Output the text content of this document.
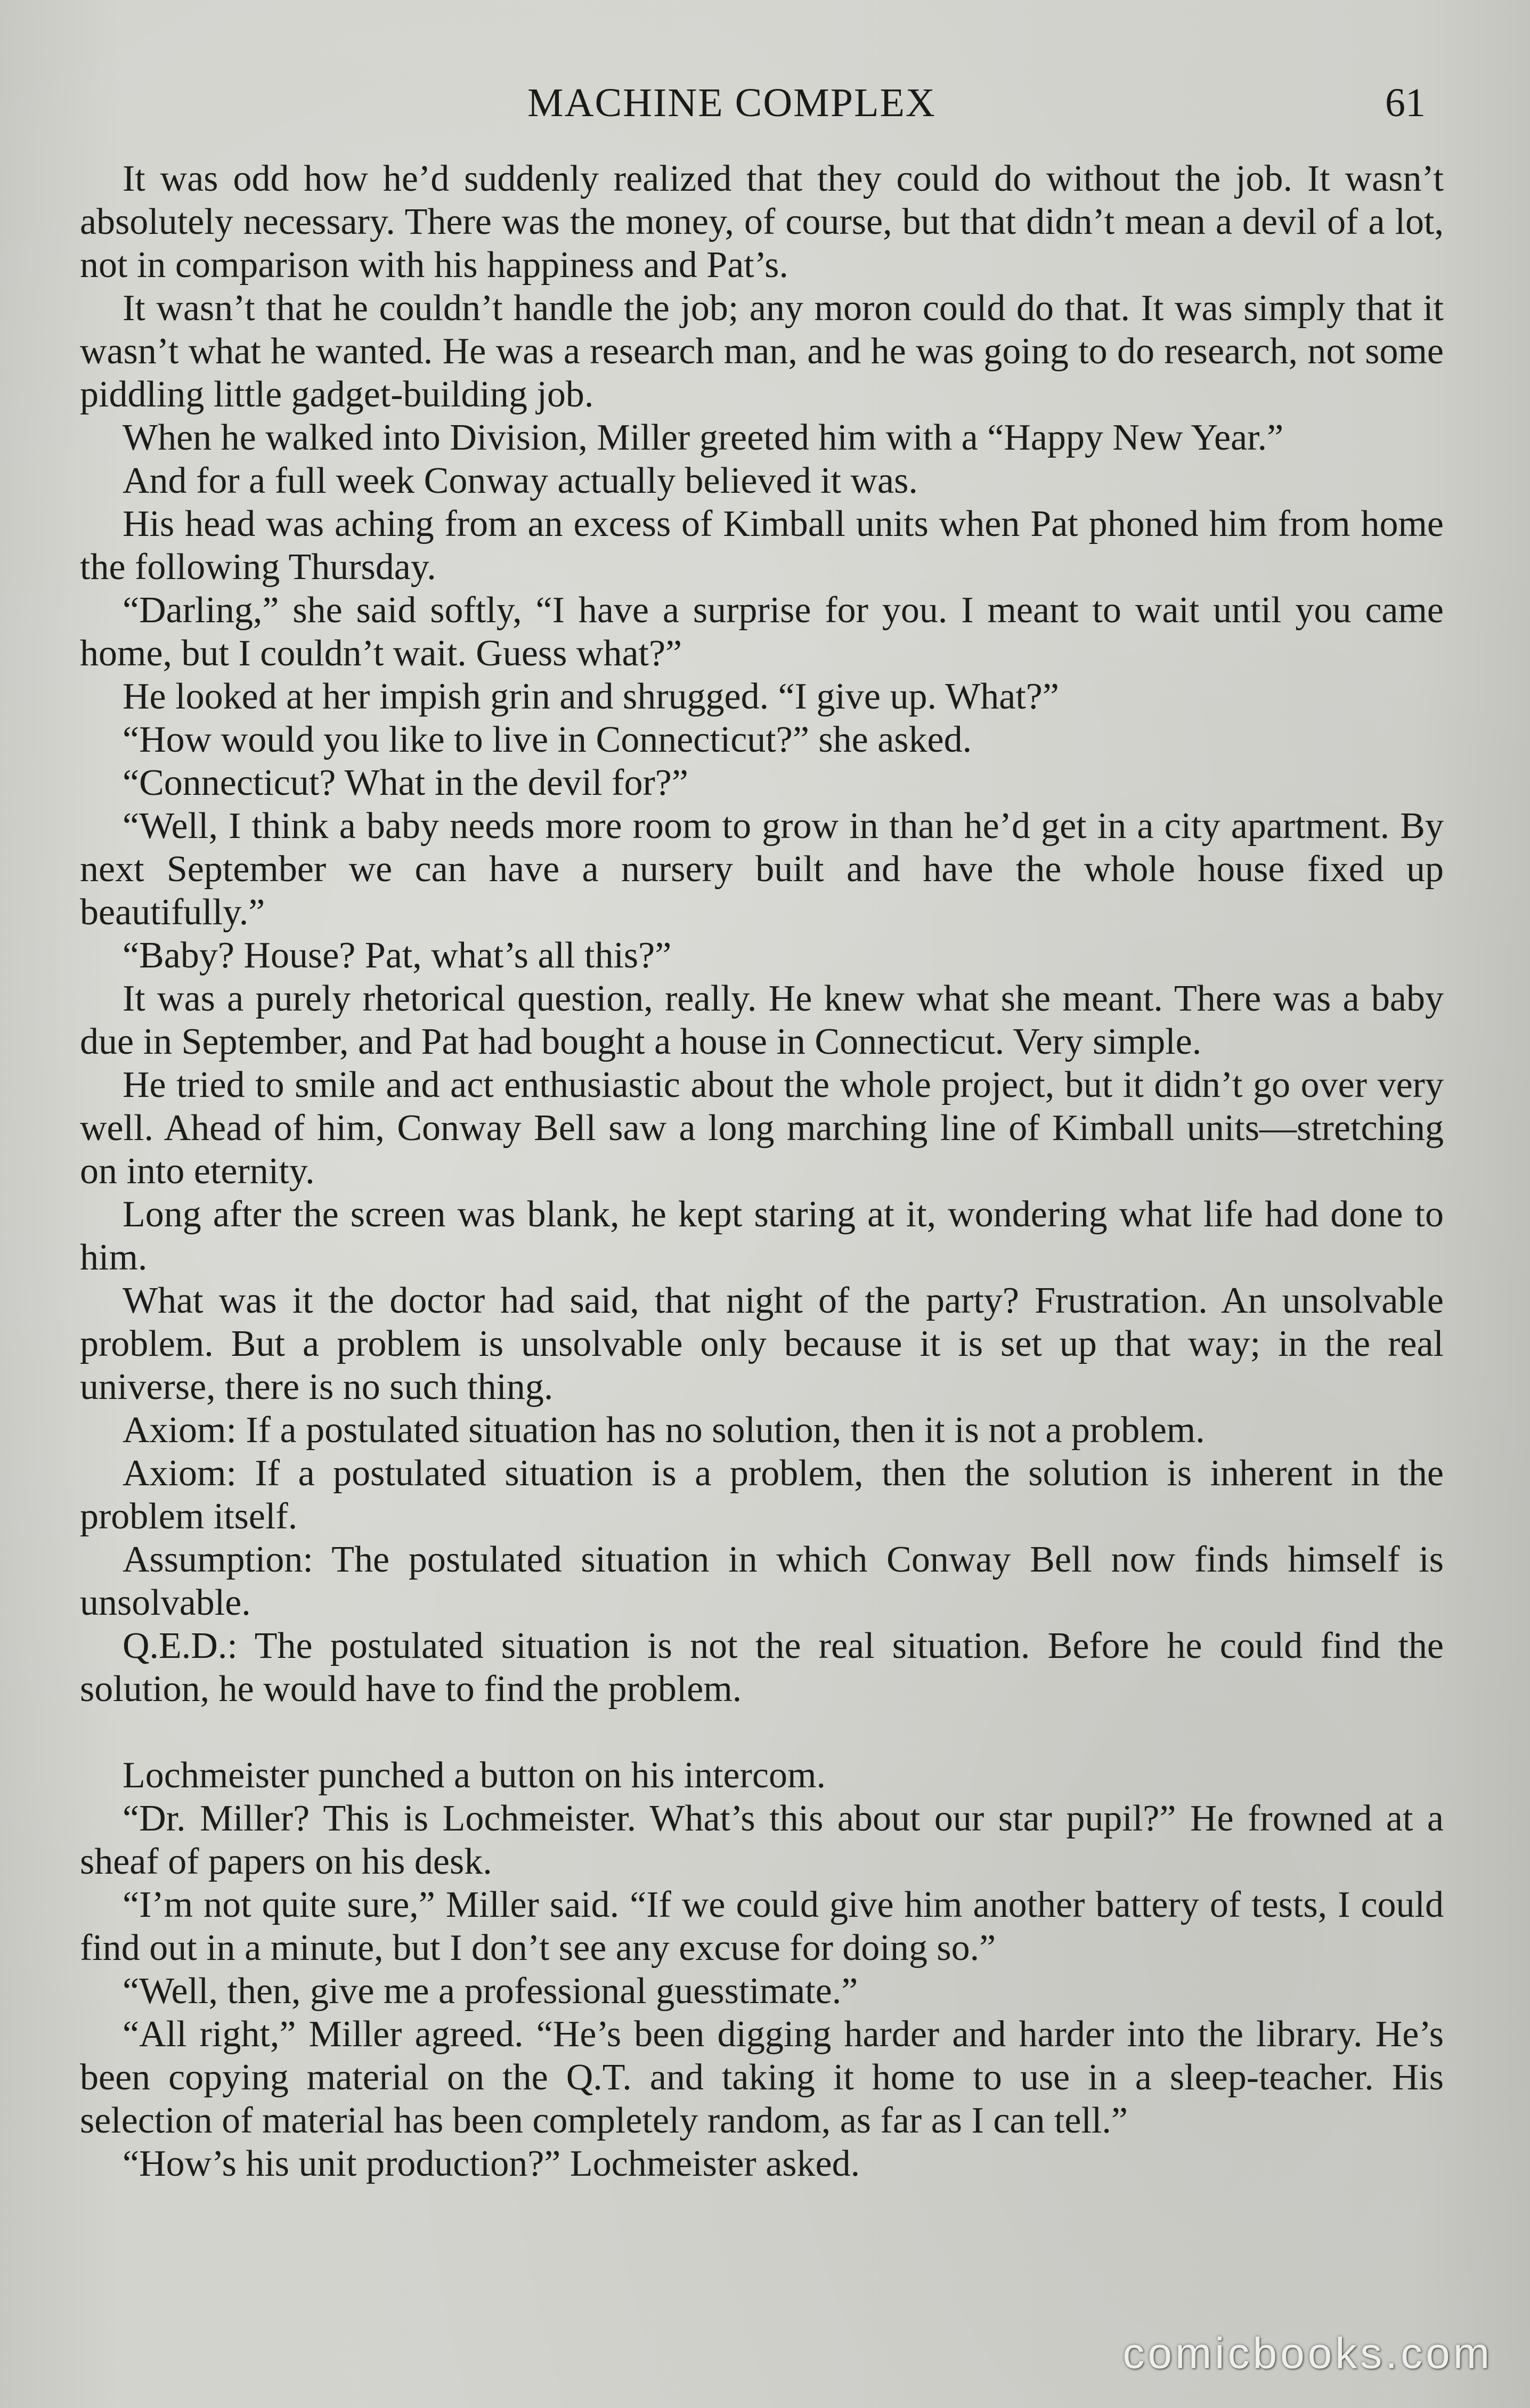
MACHINE COMPLEX	61

It was odd how he’d suddenly realized that they could do without the job. It wasn’t absolutely necessary. There was the money, of course, but that didn’t mean a devil of a lot, not in comparison with his happiness and Pat’s.

It wasn’t that he couldn’t handle the job; any moron could do that. It was simply that it wasn’t what he wanted. He was a research man, and he was going to do research, not some piddling little gadget-building job.

When he walked into Division, Miller greeted him with a “Happy New Year.”

And for a full week Conway actually believed it was.

His head was aching from an excess of Kimball units when Pat phoned him from home the following Thursday.

“Darling,” she said softly, “I have a surprise for you. I meant to wait until you came home, but I couldn’t wait. Guess what?”

He looked at her impish grin and shrugged. “I give up. What?”

“How would you like to live in Connecticut?” she asked.

“Connecticut? What in the devil for?”

“Well, I think a baby needs more room to grow in than he’d get in a city apartment. By next September we can have a nursery built and have the whole house fixed up beautifully.”

“Baby? House? Pat, what’s all this?”

It was a purely rhetorical question, really. He knew what she meant. There was a baby due in September, and Pat had bought a house in Connecticut. Very simple.

He tried to smile and act enthusiastic about the whole project, but it didn’t go over very well. Ahead of him, Conway Bell saw a long marching line of Kimball units—stretching on into eternity.

Long after the screen was blank, he kept staring at it, wondering what life had done to him.

What was it the doctor had said, that night of the party? Frustration. An unsolvable problem. But a problem is unsolvable only because it is set up that way; in the real universe, there is no such thing.

Axiom: If a postulated situation has no solution, then it is not a problem.

Axiom: If a postulated situation is a problem, then the solution is inherent in the problem itself.

Assumption: The postulated situation in which Conway Bell now finds himself is unsolvable.

Q.E.D.: The postulated situation is not the real situation. Before he could find the solution, he would have to find the problem.

Lochmeister punched a button on his intercom.

“Dr. Miller? This is Lochmeister. What’s this about our star pupil?” He frowned at a sheaf of papers on his desk.

“I’m not quite sure,” Miller said. “If we could give him another battery of tests, I could find out in a minute, but I don’t see any excuse for doing so.”

“Well, then, give me a professional guesstimate.”

“All right,” Miller agreed. “He’s been digging harder and harder into the library. He’s been copying material on the Q.T. and taking it home to use in a sleep-teacher. His selection of material has been completely random, as far as I can tell.”

“How’s his unit production?” Lochmeister asked.

comicbooks.com
